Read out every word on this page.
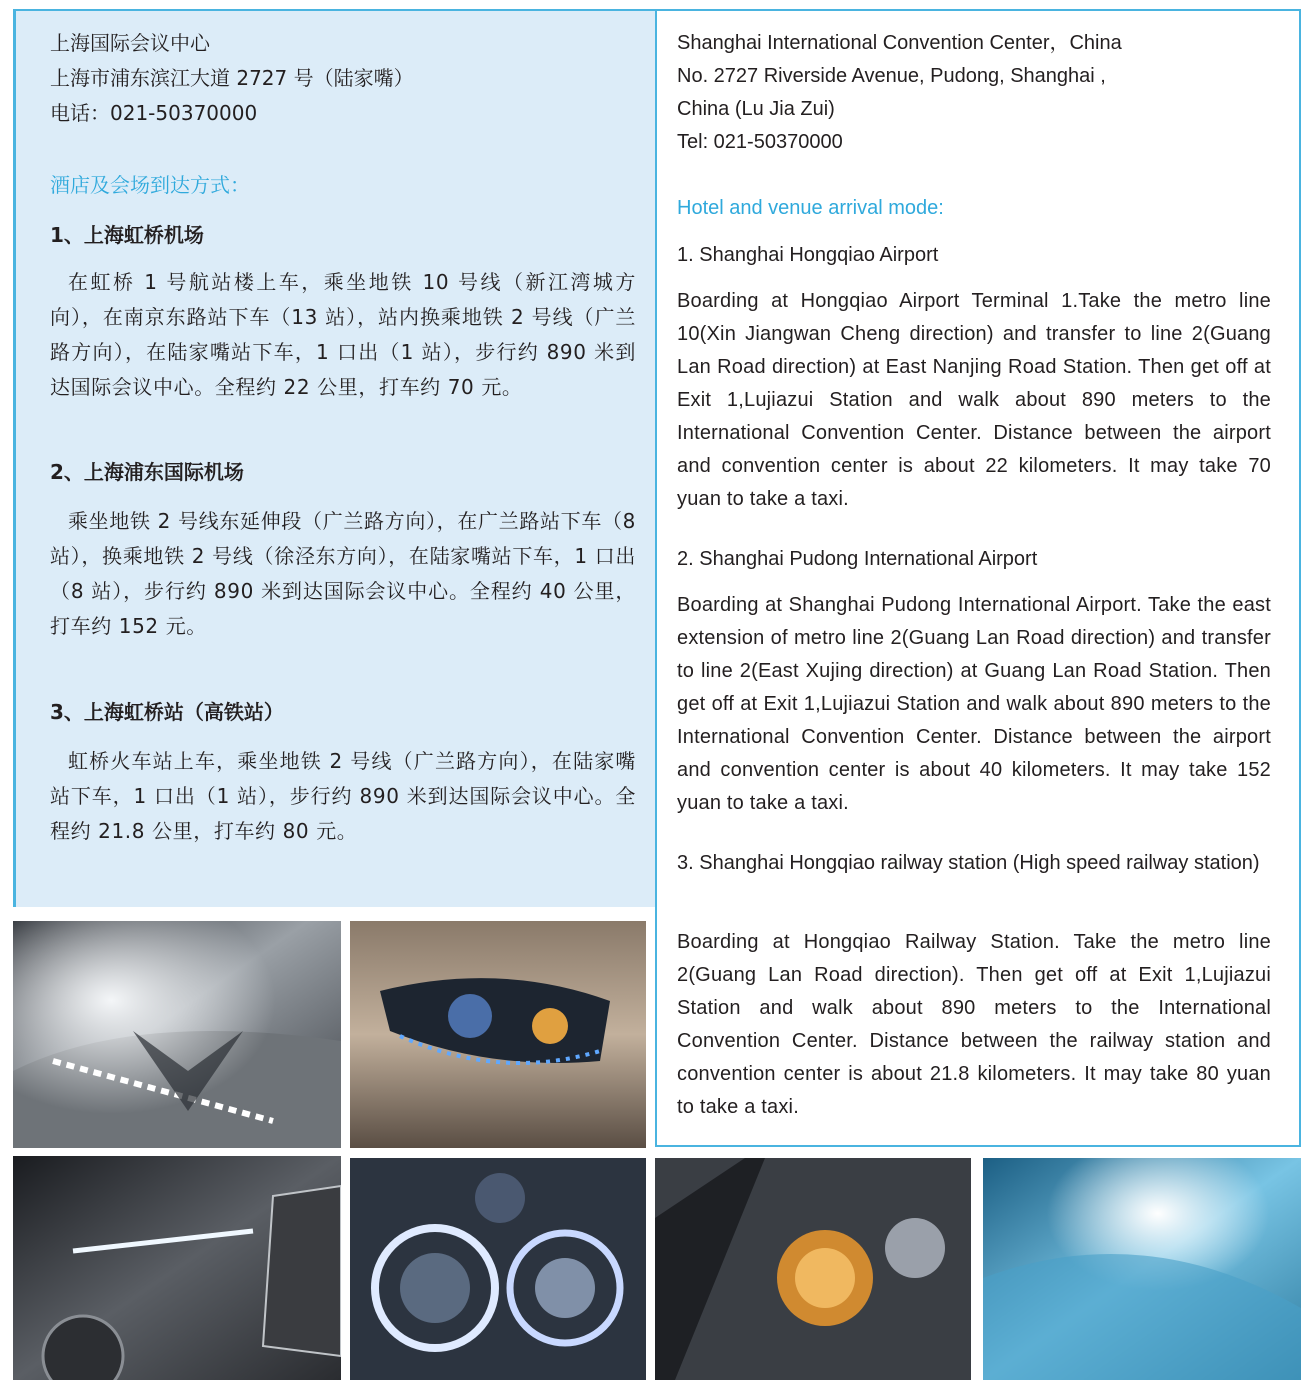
上海国际会议中心
上海市浦东滨江大道 2727 号（陆家嘴）
电话：021-50370000
酒店及会场到达方式：
1、上海虹桥机场
在虹桥 1 号航站楼上车，乘坐地铁 10 号线（新江湾城方向），在南京东路站下车（13 站），站内换乘地铁 2 号线（广兰路方向），在陆家嘴站下车，1 口出（1 站），步行约 890 米到达国际会议中心。全程约 22 公里，打车约 70 元。
2、上海浦东国际机场
乘坐地铁 2 号线东延伸段（广兰路方向），在广兰路站下车（8 站），换乘地铁 2 号线（徐泾东方向），在陆家嘴站下车，1 口出（8 站），步行约 890 米到达国际会议中心。全程约 40 公里，打车约 152 元。
3、上海虹桥站（高铁站）
虹桥火车站上车，乘坐地铁 2 号线（广兰路方向），在陆家嘴站下车，1 口出（1 站），步行约 890 米到达国际会议中心。全程约 21.8 公里，打车约 80 元。
Shanghai International Convention Center，China
No. 2727 Riverside Avenue, Pudong, Shanghai ,
China (Lu Jia Zui)
Tel: 021-50370000
Hotel and venue arrival mode:
1. Shanghai Hongqiao Airport
Boarding at Hongqiao Airport Terminal 1.Take the metro line 10(Xin Jiangwan Cheng direction) and transfer to line 2(Guang Lan Road direction) at East Nanjing Road Station. Then get off at Exit 1,Lujiazui Station and walk about 890 meters to the International Convention Center. Distance between the airport and convention center is about 22 kilometers. It may take 70 yuan to take a taxi.
2. Shanghai Pudong International Airport
Boarding at Shanghai Pudong International Airport. Take the east extension of metro line 2(Guang Lan Road direction) and transfer to line 2(East Xujing direction) at Guang Lan Road Station. Then get off at Exit 1,Lujiazui Station and walk about 890 meters to the International Convention Center. Distance between the airport and convention center is about 40 kilometers. It may take 152 yuan to take a taxi.
3. Shanghai Hongqiao railway station (High speed railway station)
Boarding at Hongqiao Railway Station. Take the metro line 2(Guang Lan Road direction). Then get off at Exit 1,Lujiazui Station and walk about 890 meters to the International Convention Center. Distance between the railway station and convention center is about 21.8 kilometers. It may take 80 yuan to take a taxi.
